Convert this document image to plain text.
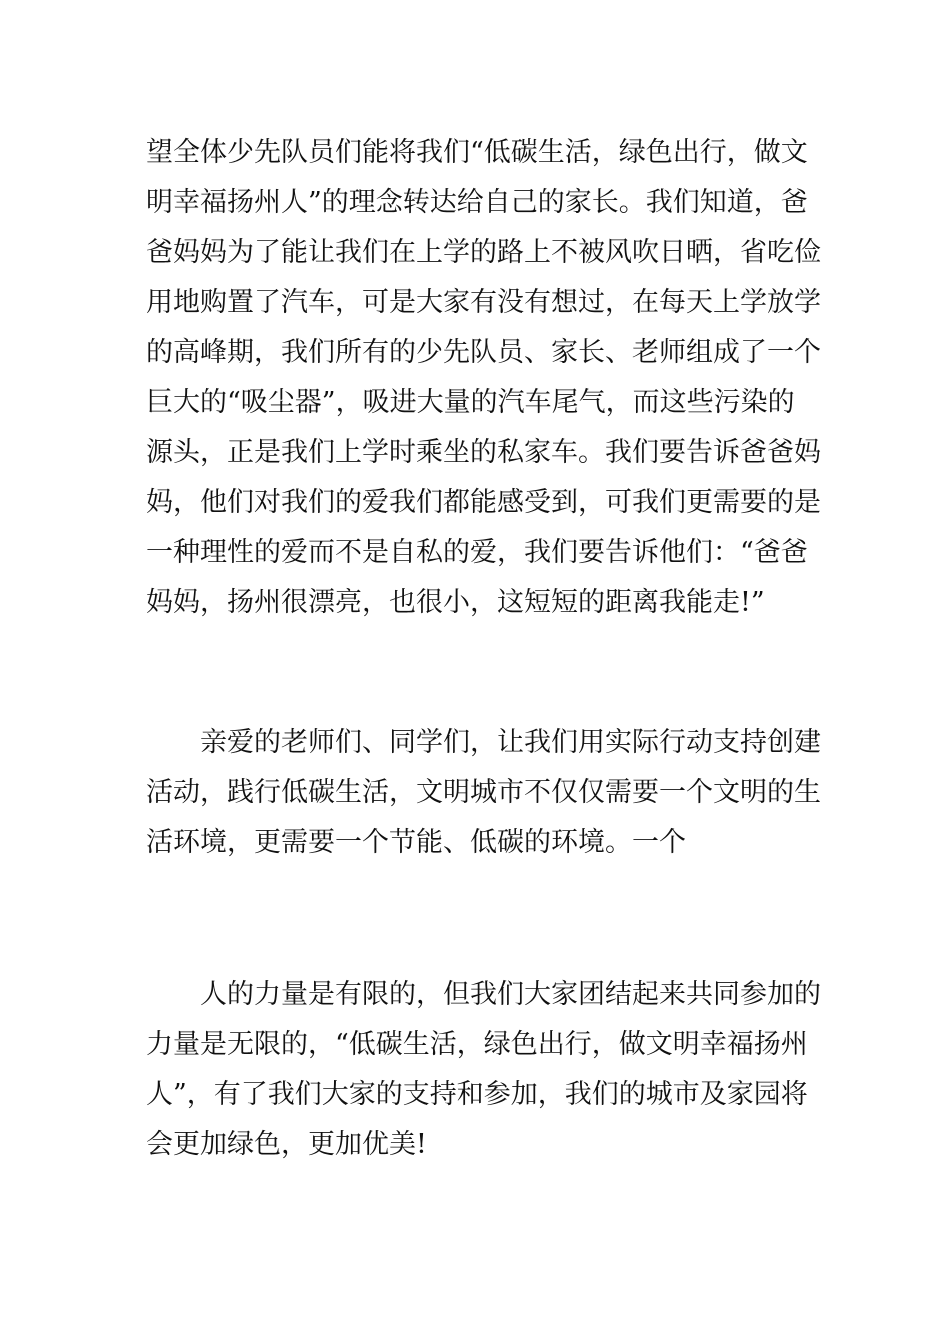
望全体少先队员们能将我们“低碳生活，绿色出行，做文
明幸福扬州人”的理念转达给自己的家长。我们知道，爸
爸妈妈为了能让我们在上学的路上不被风吹日晒，省吃俭
用地购置了汽车，可是大家有没有想过，在每天上学放学
的高峰期，我们所有的少先队员、家长、老师组成了一个
巨大的“吸尘器”，吸进大量的汽车尾气，而这些污染的
源头，正是我们上学时乘坐的私家车。我们要告诉爸爸妈
妈，他们对我们的爱我们都能感受到，可我们更需要的是
一种理性的爱而不是自私的爱，我们要告诉他们：“爸爸
妈妈，扬州很漂亮，也很小，这短短的距离我能走!”
亲爱的老师们、同学们，让我们用实际行动支持创建
活动，践行低碳生活，文明城市不仅仅需要一个文明的生
活环境，更需要一个节能、低碳的环境。一个
人的力量是有限的，但我们大家团结起来共同参加的
力量是无限的，“低碳生活，绿色出行，做文明幸福扬州
人”，有了我们大家的支持和参加，我们的城市及家园将
会更加绿色，更加优美!
